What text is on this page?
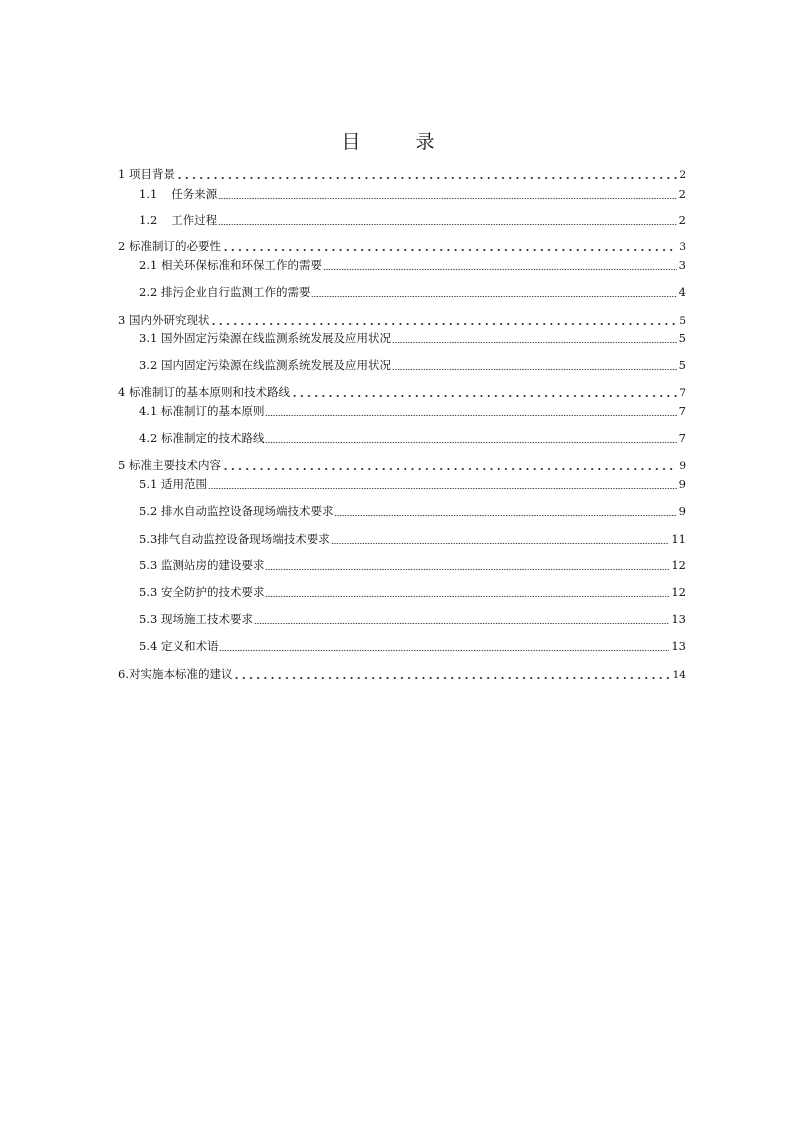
目　录
1 项目背景	2
1.1 任务来源	2
1.2 工作过程	2
2 标准制订的必要性	3
2.1 相关环保标准和环保工作的需要	3
2.2 排污企业自行监测工作的需要	4
3 国内外研究现状	5
3.1 国外固定污染源在线监测系统发展及应用状况	5
3.2 国内固定污染源在线监测系统发展及应用状况	5
4 标准制订的基本原则和技术路线	7
4.1 标准制订的基本原则	7
4.2 标准制定的技术路线	7
5 标准主要技术内容	9
5.1 适用范围	9
5.2 排水自动监控设备现场端技术要求	9
5.3排气自动监控设备现场端技术要求	11
5.3 监测站房的建设要求	12
5.3 安全防护的技术要求	12
5.3 现场施工技术要求	13
5.4 定义和术语	13
6.对实施本标准的建议	14
